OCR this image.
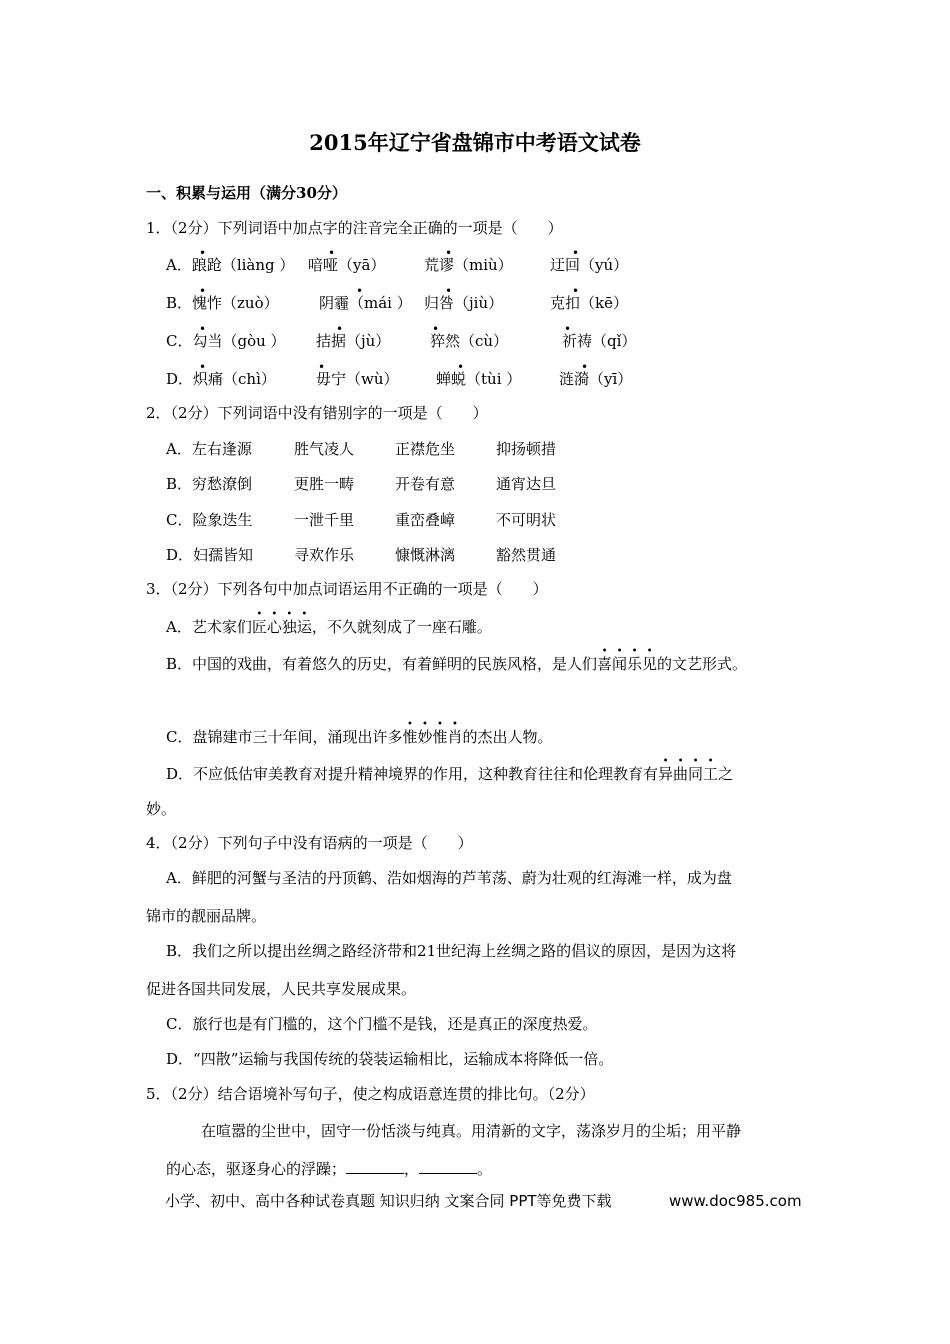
2015年辽宁省盘锦市中考语文试卷
一、积累与运用（满分30分）
1．（2分）下列词语中加点字的注音完全正确的一项是（　　）
A．踉跄（liàng ） 喑哑（yā）	荒谬（miù） 迂回（yú）
•	•	•	•
B．愧怍（zuò）	阴霾（mái ） 归咎（jiù）	克扣（kē）
•	•	•	•
C．勾当（gòu ） 拮据（jù）	猝然（cù）	祈祷（qǐ）
•	•	•	•
D．炽痛（chì）	毋宁（wù） 蝉蜕（tùi ）	涟漪（yī）
•	•	•	•
2．（2分）下列词语中没有错别字的一项是（　　）
A．左右逢源	胜气凌人	正襟危坐	抑扬顿措
B．穷愁潦倒	更胜一畴	开卷有意	通宵达旦
C．险象迭生	一泄千里	重峦叠嶂	不可明状
D．妇孺皆知	寻欢作乐	慷慨淋漓	豁然贯通
3．（2分）下列各句中加点词语运用不正确的一项是（　　）
A．艺术家们匠心独运
• • • •
，不久就刻成了一座石雕。
B．中国的戏曲，有着悠久的历史，有着鲜明的民族风格，是人们喜闻乐见
• • • •
的文艺形式。
C．盘锦建市三十年间，涌现出许多惟妙惟肖
• • • •
的杰出人物。
D．不应低估审美教育对提升精神境界的作用，这种教育往往和伦理教育有异曲同工
• • • •
之
妙。
4．（2分）下列句子中没有语病的一项是（　　）
A．鲜肥的河蟹与圣洁的丹顶鹤、浩如烟海的芦苇荡、蔚为壮观的红海滩一样，成为盘
锦市的靓丽品牌。
B．我们之所以提出丝绸之路经济带和21世纪海上丝绸之路的倡议的原因，是因为这将
促进各国共同发展，人民共享发展成果。
C．旅行也是有门槛的，这个门槛不是钱，还是真正的深度热爱。
D．“四散”运输与我国传统的袋装运输相比，运输成本将降低一倍。
5．（2分）结合语境补写句子，使之构成语意连贯的排比句。（2分）
在喧嚣的尘世中，固守一份恬淡与纯真。用清新的文字，荡涤岁月的尘垢；用平静
的心态，驱逐身心的浮躁；	，	。
小学、初中、高中各种试卷真题 知识归纳 文案合同 PPT等免费下载	www.doc985.com
